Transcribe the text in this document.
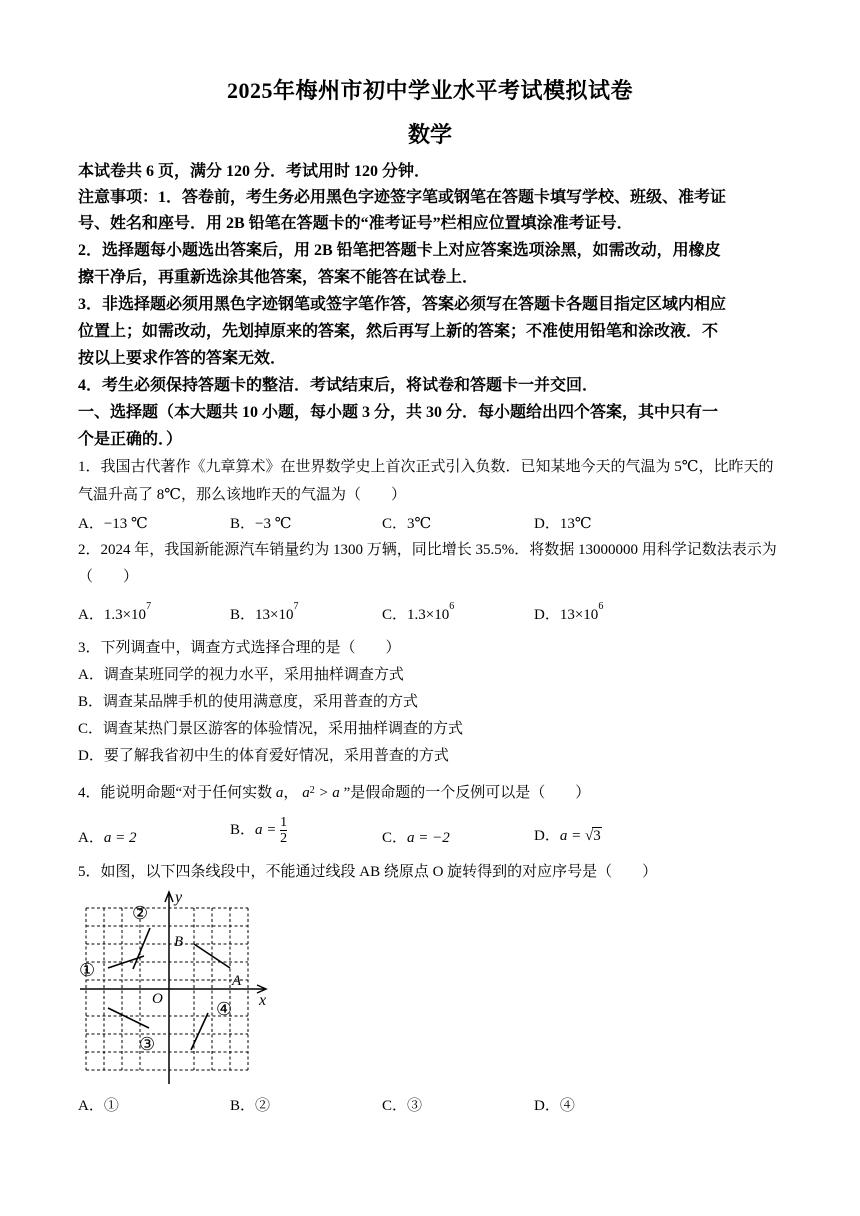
2025年梅州市初中学业水平考试模拟试卷
数学
本试卷共 6 页，满分 120 分．考试用时 120 分钟．
注意事项：1．答卷前，考生务必用黑色字迹签字笔或钢笔在答题卡填写学校、班级、准考证
号、姓名和座号．用 2B 铅笔在答题卡的“准考证号”栏相应位置填涂准考证号．
2．选择题每小题选出答案后，用 2B 铅笔把答题卡上对应答案选项涂黑，如需改动，用橡皮
擦干净后，再重新选涂其他答案，答案不能答在试卷上．
3．非选择题必须用黑色字迹钢笔或签字笔作答，答案必须写在答题卡各题目指定区域内相应
位置上；如需改动，先划掉原来的答案，然后再写上新的答案；不准使用铅笔和涂改液．不
按以上要求作答的答案无效．
4．考生必须保持答题卡的整洁．考试结束后，将试卷和答题卡一并交回．
一、选择题（本大题共 10 小题，每小题 3 分，共 30 分．每小题给出四个答案，其中只有一
个是正确的．）
1．我国古代著作《九章算术》在世界数学史上首次正式引入负数．已知某地今天的气温为 5℃，比昨天的
气温升高了 8℃，那么该地昨天的气温为（　　）
A．−13 ℃	B．−3 ℃	C．3℃	D．13℃
2．2024 年，我国新能源汽车销量约为 1300 万辆，同比增长 35.5%．将数据 13000000 用科学记数法表示为
（　　）
A．$1.3\times 10^7$
B．$13\times 10^7$
C．$1.3\times 10^6$
D．$13\times 10^6$
3．下列调查中，调查方式选择合理的是（　　）
A．调查某班同学的视力水平，采用抽样调查方式
B．调查某品牌手机的使用满意度，采用普查的方式
C．调查某热门景区游客的体验情况，采用抽样调查的方式
D．要了解我省初中生的体育爱好情况，采用普查的方式
4．能说明命题“对于任何实数 a， $a^2 > a$ ”是假命题的一个反例可以是（　　）
A．a = 2
B．$a = \frac{1}{2}$	C．a = −2	D．a = √3
5．如图，以下四条线段中，不能通过线段 AB 绕原点 O 旋转得到的对应序号是（　　）
x
y
O
B
A
①
②
③
④
A．①	B．②	C．③	D．④
